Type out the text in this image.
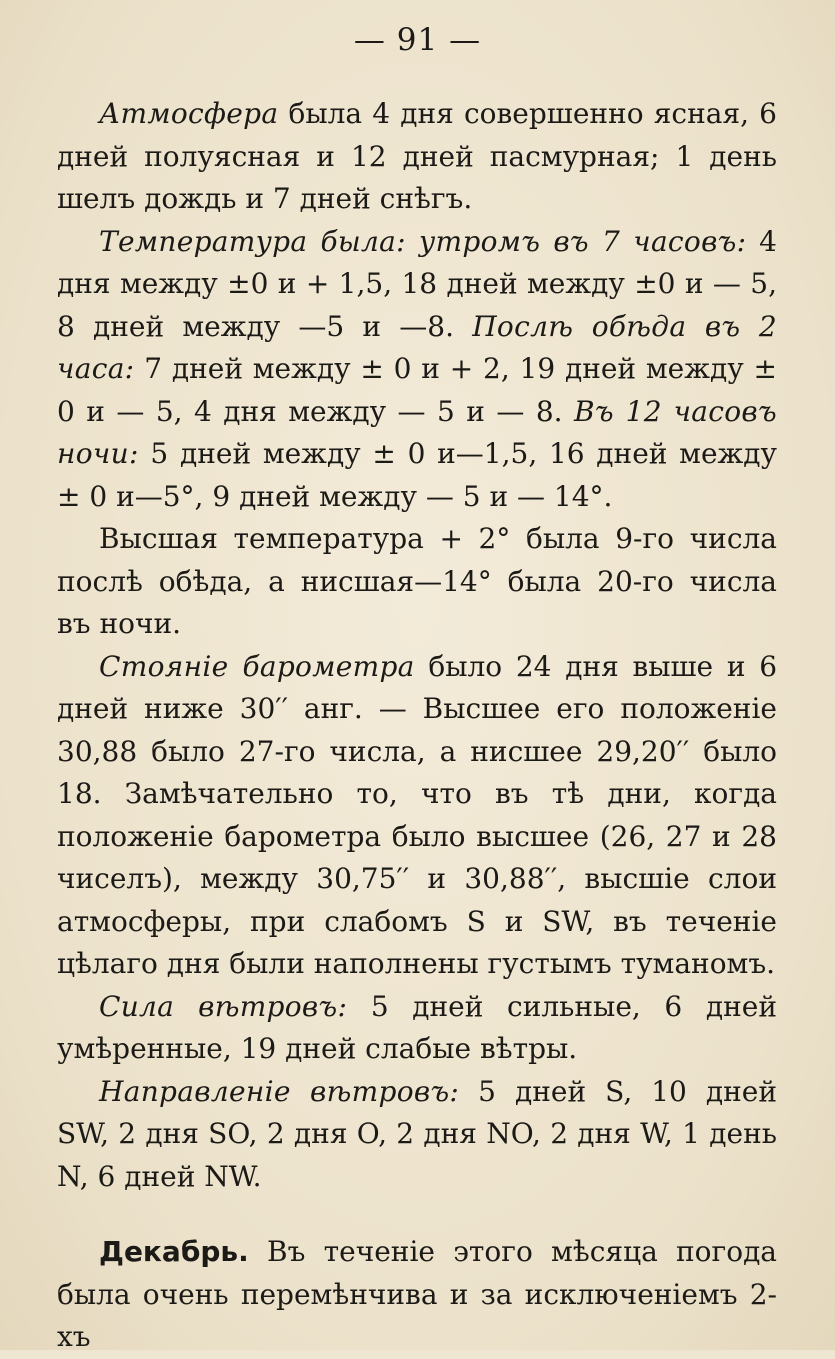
— 91 —

Атмосфера была 4 дня совершенно ясная, 6 дней полуясная и 12 дней пасмурная; 1 день шелъ дождь и 7 дней снѣгъ.

Температура была: утромъ въ 7 часовъ: 4 дня между ±0 и + 1,5, 18 дней между ±0 и — 5, 8 дней между —5 и —8. Послѣ обѣда въ 2 часа: 7 дней между ± 0 и + 2, 19 дней между ± 0 и — 5, 4 дня между — 5 и — 8. Въ 12 часовъ ночи: 5 дней между ± 0 и—1,5, 16 дней между ± 0 и—5°, 9 дней между — 5 и — 14°.

Высшая температура + 2° была 9-го числа послѣ обѣда, а нисшая—14° была 20-го числа въ ночи.

Стоянiе барометра было 24 дня выше и 6 дней ниже 30′′ анг. — Высшее его положенiе 30,88 было 27-го числа, а нисшее 29,20′′ было 18. Замѣчательно то, что въ тѣ дни, когда положенiе барометра было высшее (26, 27 и 28 чиселъ), между 30,75′′ и 30,88′′, высшiе слои атмосферы, при слабомъ S и SW, въ теченiе цѣлаго дня были наполнены густымъ туманомъ.

Сила вѣтровъ: 5 дней сильные, 6 дней умѣренные, 19 дней слабые вѣтры.

Направленiе вѣтровъ: 5 дней S, 10 дней SW, 2 дня SO, 2 дня O, 2 дня NO, 2 дня W, 1 день N, 6 дней NW.

Декабрь. Въ теченiе этого мѣсяца погода была очень перемѣнчива и за исключенiемъ 2-хъ
